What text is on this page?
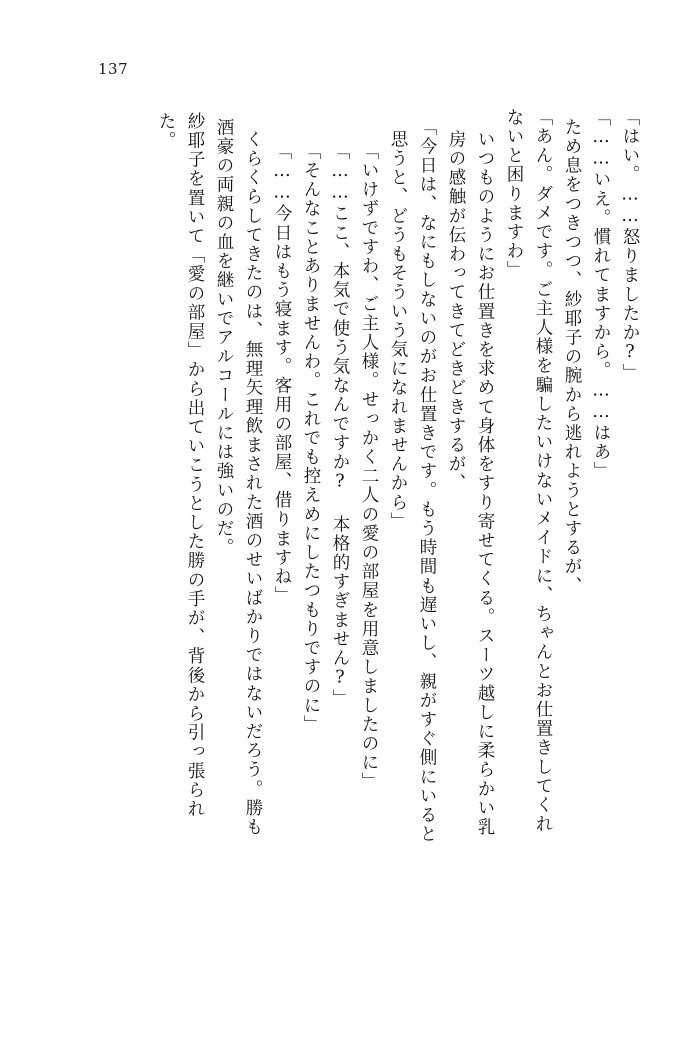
137
「はい。……怒りましたか?」
「……いえ。慣れてますから。……はあ」
ため息をつきつつ、紗耶子の腕から逃れようとするが、
「あん。ダメです。ご主人様を騙したいけないメイドに、ちゃんとお仕置きしてくれ
ないと困りますわ」
いつものようにお仕置きを求めて身体をすり寄せてくる。スーツ越しに柔らかい乳
房の感触が伝わってきてどきどきするが、
「今日は、なにもしないのがお仕置きです。もう時間も遅いし、親がすぐ側にいると
思うと、どうもそういう気になれませんから」
「いけずですわ、ご主人様。せっかく二人の愛の部屋を用意しましたのに」
「……ここ、本気で使う気なんですか? 本格的すぎません?」
「そんなことありませんわ。これでも控えめにしたつもりですのに」
「……今日はもう寝ます。客用の部屋、借りますね」
くらくらしてきたのは、無理矢理飲まされた酒のせいばかりではないだろう。勝も
酒豪の両親の血を継いでアルコールには強いのだ。
紗耶子を置いて「愛の部屋」から出ていこうとした勝の手が、背後から引っ張られ
た。
